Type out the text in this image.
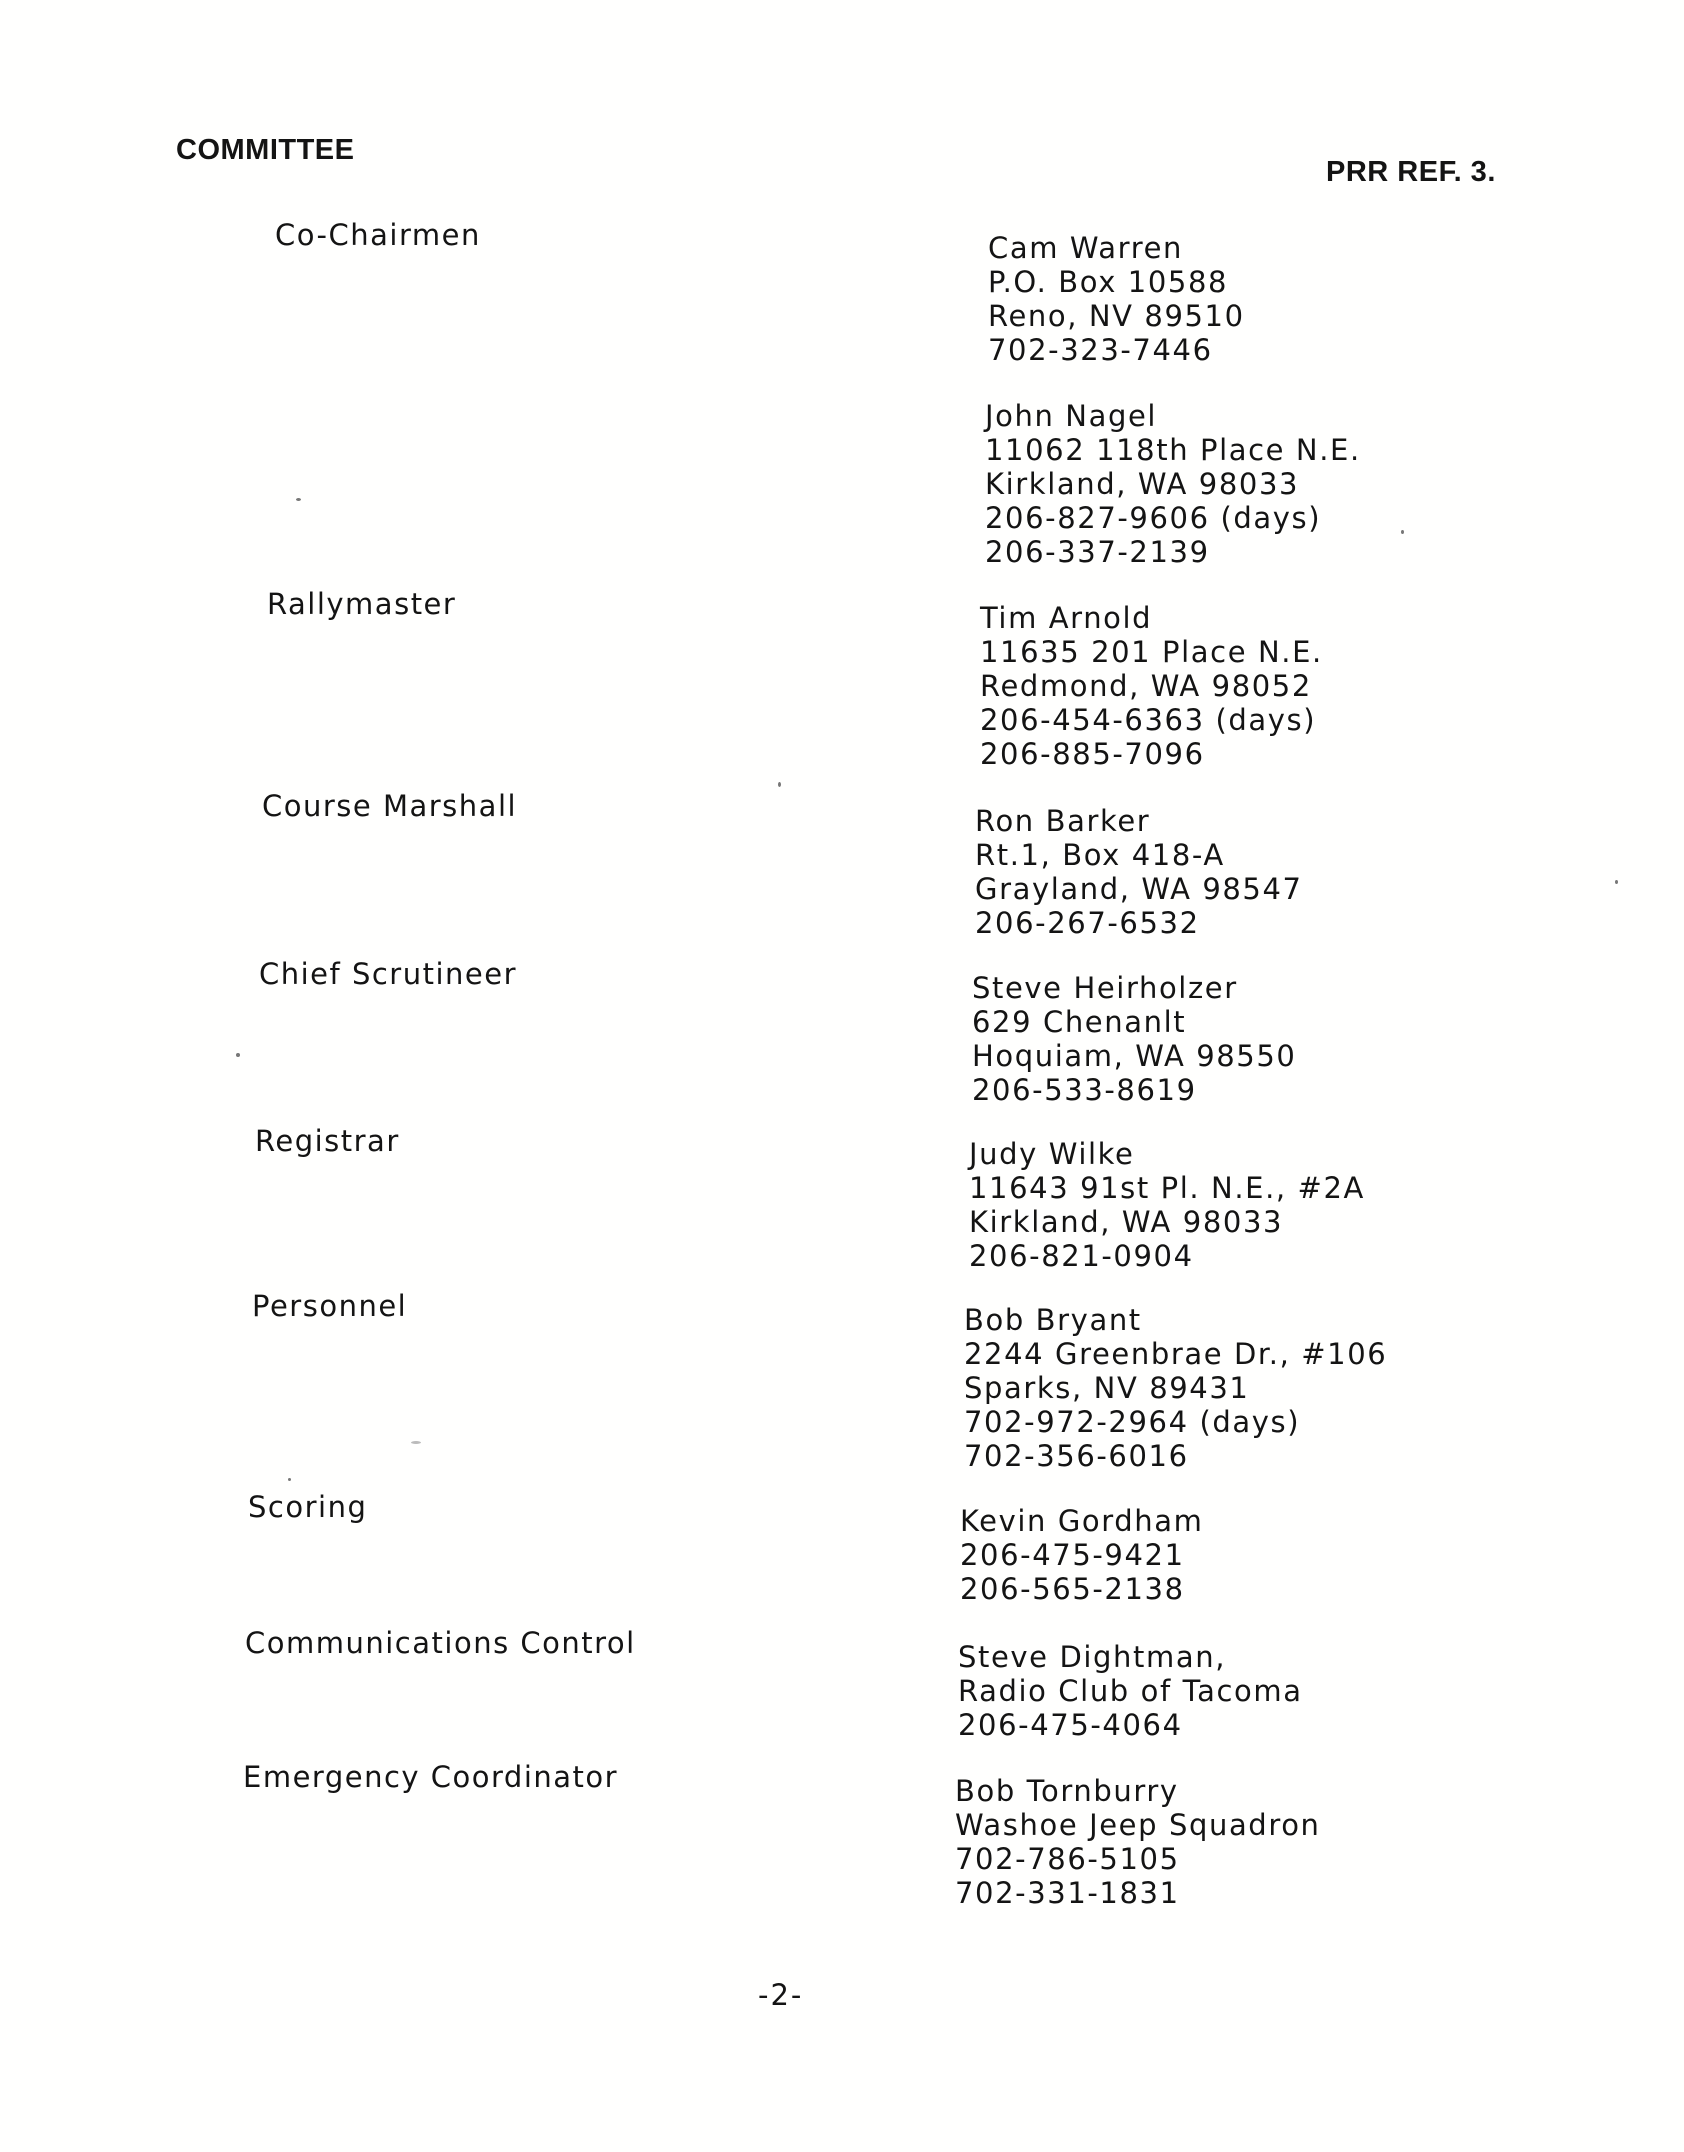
COMMITTEE
PRR REF. 3.
Co-Chairmen	Cam Warren
P.O. Box 10588
Reno, NV 89510
702-323-7446
John Nagel
11062 118th Place N.E.
Kirkland, WA 98033
206-827-9606 (days)
206-337-2139
Rallymaster	Tim Arnold
11635 201 Place N.E.
Redmond, WA 98052
206-454-6363 (days)
206-885-7096
Course Marshall	Ron Barker
Rt.1, Box 418-A
Grayland, WA 98547
206-267-6532
Chief Scrutineer	Steve Heirholzer
629 Chenanlt
Hoquiam, WA 98550
206-533-8619
Registrar	Judy Wilke
11643 91st Pl. N.E., #2A
Kirkland, WA 98033
206-821-0904
Personnel	Bob Bryant
2244 Greenbrae Dr., #106
Sparks, NV 89431
702-972-2964 (days)
702-356-6016
Scoring	Kevin Gordham
206-475-9421
206-565-2138
Communications Control	Steve Dightman,
Radio Club of Tacoma
206-475-4064
Emergency Coordinator	Bob Tornburry
Washoe Jeep Squadron
702-786-5105
702-331-1831
-2-
